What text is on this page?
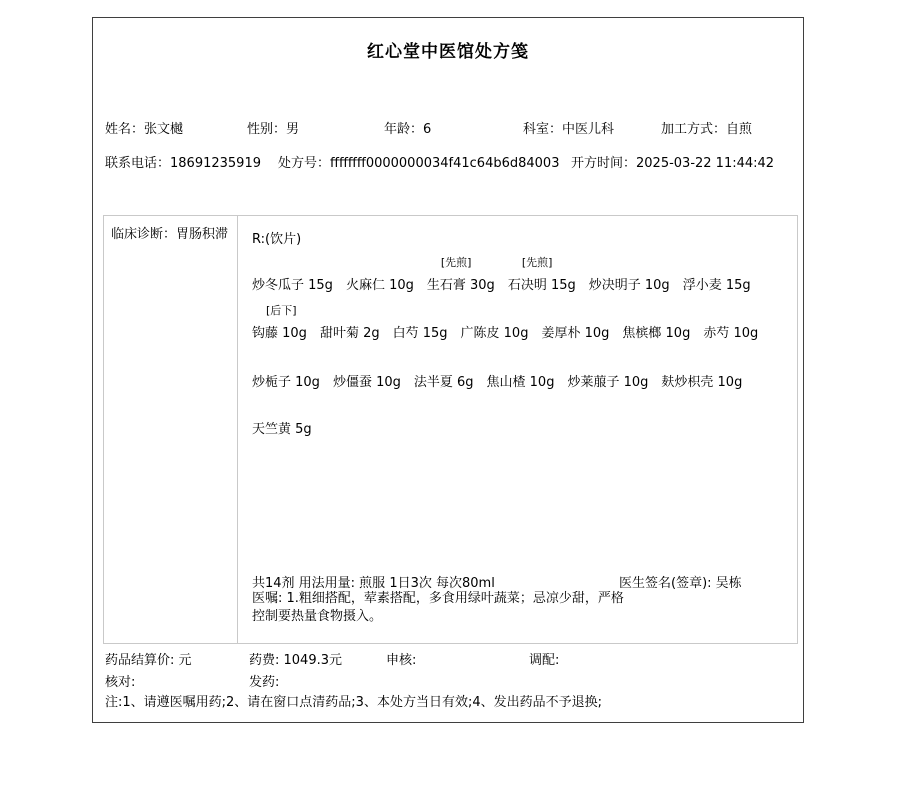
红心堂中医馆处方笺
姓名：张文樾	性别：男	年龄：6	科室：中医儿科	加工方式：自煎
联系电话：18691235919 处方号：ffffffff0000000034f41c64b6d84003 开方时间：2025-03-22 11:44:42
临床诊断：胃肠积滞 R:(饮片)
炒冬瓜子 15g 火麻仁 10g
[先煎]
生石膏 30g
[先煎]
石决明 15g 炒决明子 10g 浮小麦 15g
[后下]
钩藤 10g 甜叶菊 2g 白芍 15g 广陈皮 10g 姜厚朴 10g 焦槟榔 10g 赤芍 10g
炒栀子 10g 炒僵蚕 10g 法半夏 6g 焦山楂 10g 炒莱菔子 10g 麸炒枳壳 10g
天竺黄 5g
共14剂 用法用量: 煎服 1日3次 每次80ml	医生签名(签章): 吴栋
医嘱: 1.粗细搭配，荤素搭配，多食用绿叶蔬菜；忌凉少甜，严格
控制要热量食物摄入。
药品结算价: 元	药费: 1049.3元	申核:	调配:
核对:	发药:
注:1、请遵医嘱用药;2、请在窗口点清药品;3、本处方当日有效;4、发出药品不予退换;
